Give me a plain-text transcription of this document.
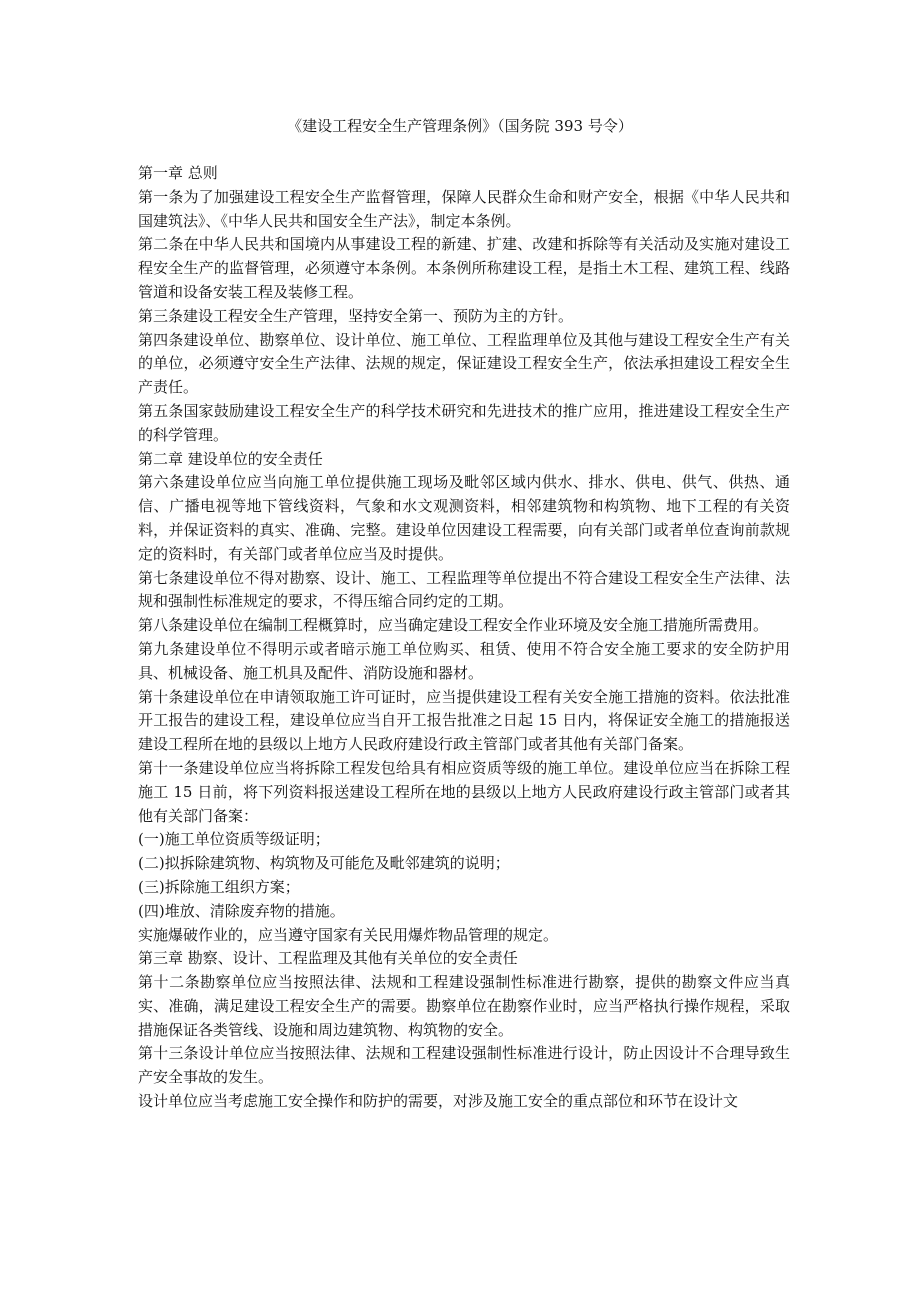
《建设工程安全生产管理条例》（国务院 393 号令）

第一章 总则

第一条为了加强建设工程安全生产监督管理，保障人民群众生命和财产安全，根据《中华人民共和国建筑法》、《中华人民共和国安全生产法》，制定本条例。

第二条在中华人民共和国境内从事建设工程的新建、扩建、改建和拆除等有关活动及实施对建设工程安全生产的监督管理，必须遵守本条例。本条例所称建设工程，是指土木工程、建筑工程、线路管道和设备安装工程及装修工程。

第三条建设工程安全生产管理，坚持安全第一、预防为主的方针。

第四条建设单位、勘察单位、设计单位、施工单位、工程监理单位及其他与建设工程安全生产有关的单位，必须遵守安全生产法律、法规的规定，保证建设工程安全生产，依法承担建设工程安全生产责任。

第五条国家鼓励建设工程安全生产的科学技术研究和先进技术的推广应用，推进建设工程安全生产的科学管理。

第二章 建设单位的安全责任

第六条建设单位应当向施工单位提供施工现场及毗邻区域内供水、排水、供电、供气、供热、通信、广播电视等地下管线资料，气象和水文观测资料，相邻建筑物和构筑物、地下工程的有关资料，并保证资料的真实、准确、完整。建设单位因建设工程需要，向有关部门或者单位查询前款规定的资料时，有关部门或者单位应当及时提供。

第七条建设单位不得对勘察、设计、施工、工程监理等单位提出不符合建设工程安全生产法律、法规和强制性标准规定的要求，不得压缩合同约定的工期。

第八条建设单位在编制工程概算时，应当确定建设工程安全作业环境及安全施工措施所需费用。

第九条建设单位不得明示或者暗示施工单位购买、租赁、使用不符合安全施工要求的安全防护用具、机械设备、施工机具及配件、消防设施和器材。

第十条建设单位在申请领取施工许可证时，应当提供建设工程有关安全施工措施的资料。依法批准开工报告的建设工程，建设单位应当自开工报告批准之日起 15 日内，将保证安全施工的措施报送建设工程所在地的县级以上地方人民政府建设行政主管部门或者其他有关部门备案。

第十一条建设单位应当将拆除工程发包给具有相应资质等级的施工单位。建设单位应当在拆除工程施工 15 日前，将下列资料报送建设工程所在地的县级以上地方人民政府建设行政主管部门或者其他有关部门备案：

(一)施工单位资质等级证明；

(二)拟拆除建筑物、构筑物及可能危及毗邻建筑的说明；

(三)拆除施工组织方案；

(四)堆放、清除废弃物的措施。

实施爆破作业的，应当遵守国家有关民用爆炸物品管理的规定。

第三章 勘察、设计、工程监理及其他有关单位的安全责任

第十二条勘察单位应当按照法律、法规和工程建设强制性标准进行勘察，提供的勘察文件应当真实、准确，满足建设工程安全生产的需要。勘察单位在勘察作业时，应当严格执行操作规程，采取措施保证各类管线、设施和周边建筑物、构筑物的安全。

第十三条设计单位应当按照法律、法规和工程建设强制性标准进行设计，防止因设计不合理导致生产安全事故的发生。

设计单位应当考虑施工安全操作和防护的需要，对涉及施工安全的重点部位和环节在设计文
